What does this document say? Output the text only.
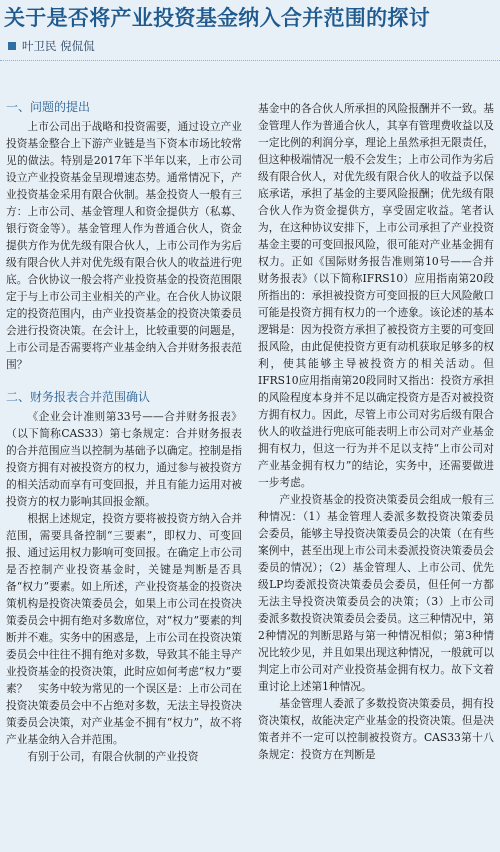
关于是否将产业投资基金纳入合并范围的探讨
叶卫民 倪侃侃
一、问题的提出

上市公司出于战略和投资需要，通过设立产业投资基金整合上下游产业链是当下资本市场比较常见的做法。特别是2017年下半年以来，上市公司设立产业投资基金呈现增速态势。通常情况下，产业投资基金采用有限合伙制。基金投资人一般有三方：上市公司、基金管理人和资金提供方（私募、银行资金等）。基金管理人作为普通合伙人，资金提供方作为优先级有限合伙人，上市公司作为劣后级有限合伙人并对优先级有限合伙人的收益进行兜底。合伙协议一般会将产业投资基金的投资范围限定于与上市公司主业相关的产业。在合伙人协议限定的投资范围内，由产业投资基金的投资决策委员会进行投资决策。在会计上，比较重要的问题是，上市公司是否需要将产业基金纳入合并财务报表范围？

二、财务报表合并范围确认

《企业会计准则第33号——合并财务报表》（以下简称CAS33）第七条规定：合并财务报表的合并范围应当以控制为基础予以确定。控制是指投资方拥有对被投资方的权力，通过参与被投资方的相关活动而享有可变回报，并且有能力运用对被投资方的权力影响其回报金额。

根据上述规定，投资方要将被投资方纳入合并范围，需要具备控制“三要素”，即权力、可变回报、通过运用权力影响可变回报。在确定上市公司是否控制产业投资基金时，关键是判断是否具备“权力”要素。如上所述，产业投资基金的投资决策机构是投资决策委员会，如果上市公司在投资决策委员会中拥有绝对多数席位，对“权力”要素的判断并不难。实务中的困惑是，上市公司在投资决策委员会中往往不拥有绝对多数，导致其不能主导产业投资基金的投资决策，此时应如何考虑“权力”要素？　实务中较为常见的一个误区是：上市公司在投资决策委员会中不占绝对多数，无法主导投资决策委员会决策，对产业基金不拥有“权力”，故不将产业基金纳入合并范围。

有别于公司，有限合伙制的产业投资

基金中的各合伙人所承担的风险报酬并不一致。基金管理人作为普通合伙人，其享有管理费收益以及一定比例的利润分享，理论上虽然承担无限责任，但这种极端情况一般不会发生；上市公司作为劣后级有限合伙人，对优先级有限合伙人的收益予以保底承诺，承担了基金的主要风险报酬；优先级有限合伙人作为资金提供方，享受固定收益。笔者认为，在这种协议安排下，上市公司承担了产业投资基金主要的可变回报风险，很可能对产业基金拥有权力。正如《国际财务报告准则第10号——合并财务报表》（以下简称IFRS10）应用指南第20段所指出的：承担被投资方可变回报的巨大风险敞口可能是投资方拥有权力的一个迹象。该论述的基本逻辑是：因为投资方承担了被投资方主要的可变回报风险，由此促使投资方更有动机获取足够多的权利，使其能够主导被投资方的相关活动。但IFRS10应用指南第20段同时又指出：投资方承担的风险程度本身并不足以确定投资方是否对被投资方拥有权力。因此，尽管上市公司对劣后级有限合伙人的收益进行兜底可能表明上市公司对产业基金拥有权力，但这一行为并不足以支持“上市公司对产业基金拥有权力”的结论，实务中，还需要做进一步考虑。

产业投资基金的投资决策委员会组成一般有三种情况：（1）基金管理人委派多数投资决策委员会委员，能够主导投资决策委员会的决策（在有些案例中，甚至出现上市公司未委派投资决策委员会委员的情况）；（2）基金管理人、上市公司、优先级LP均委派投资决策委员会委员，但任何一方都无法主导投资决策委员会的决策；（3）上市公司委派多数投资决策委员会委员。这三种情况中，第2种情况的判断思路与第一种情况相似；第3种情况比较少见，并且如果出现这种情况，一般就可以判定上市公司对产业投资基金拥有权力。故下文着重讨论上述第1种情况。

基金管理人委派了多数投资决策委员，拥有投资决策权，故能决定产业基金的投资决策。但是决策者并不一定可以控制被投资方。CAS33第十八条规定：投资方在判断是
